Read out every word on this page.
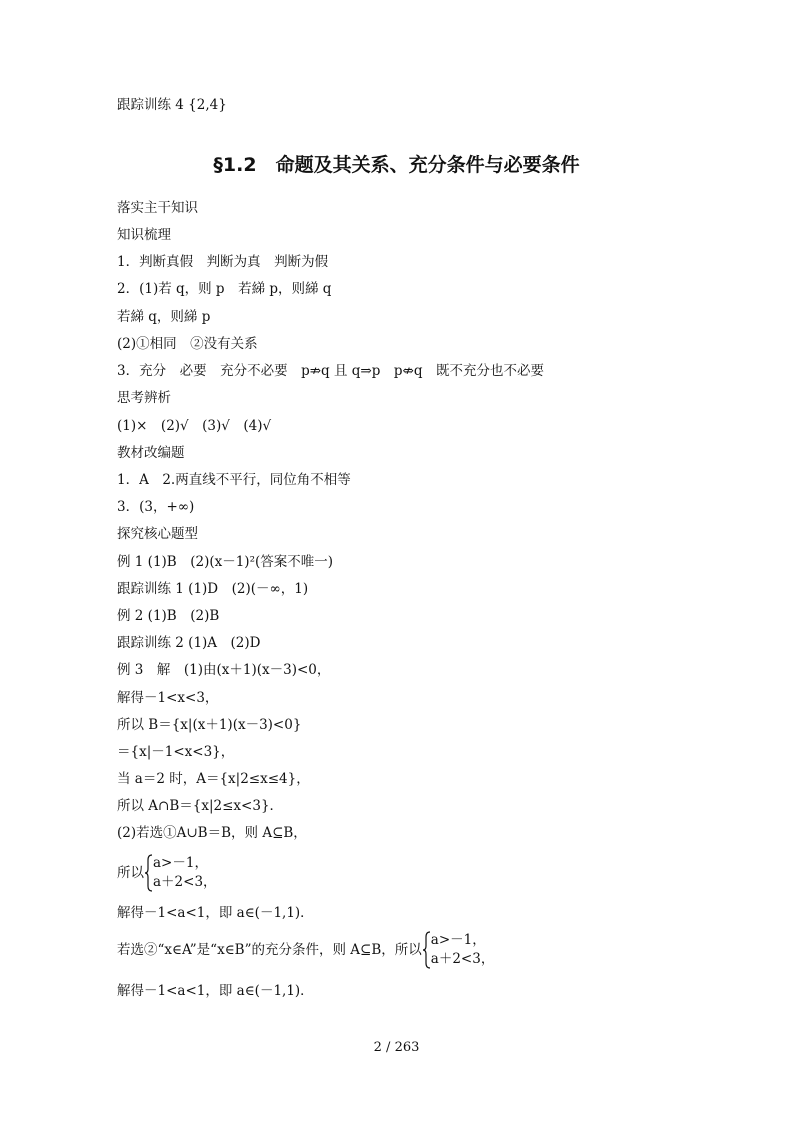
跟踪训练 4 {2,4}
§1.2　命题及其关系、充分条件与必要条件
落实主干知识
知识梳理
1．判断真假　判断为真　判断为假
2．(1)若 q，则 p　若綈 p，则綈 q
若綈 q，则綈 p
(2)①相同　②没有关系
3．充分　必要　充分不必要　p⇏q 且 q⇒p　p⇎q　既不充分也不必要
思考辨析
(1)×　(2)√　(3)√　(4)√
教材改编题
1．A　2.两直线不平行，同位角不相等
3．(3，+∞)
探究核心题型
例 1 (1)B　(2)(x－1)²(答案不唯一)
跟踪训练 1 (1)D　(2)(－∞，1)
例 2 (1)B　(2)B
跟踪训练 2 (1)A　(2)D
例 3　解　(1)由(x＋1)(x－3)<0，
解得－1<x<3，
所以 B＝{x|(x＋1)(x－3)<0}
＝{x|－1<x<3}，
当 a＝2 时，A＝{x|2≤x≤4}，
所以 A∩B＝{x|2≤x<3}．
(2)若选①A∪B＝B，则 A⊆B，
所以
a>－1，
a＋2<3，
解得－1<a<1，即 a∈(－1,1)．
若选②“x∈A”是“x∈B”的充分条件，则 A⊆B，所以
a>－1，
a＋2<3，
解得－1<a<1，即 a∈(－1,1)．
2 / 263
